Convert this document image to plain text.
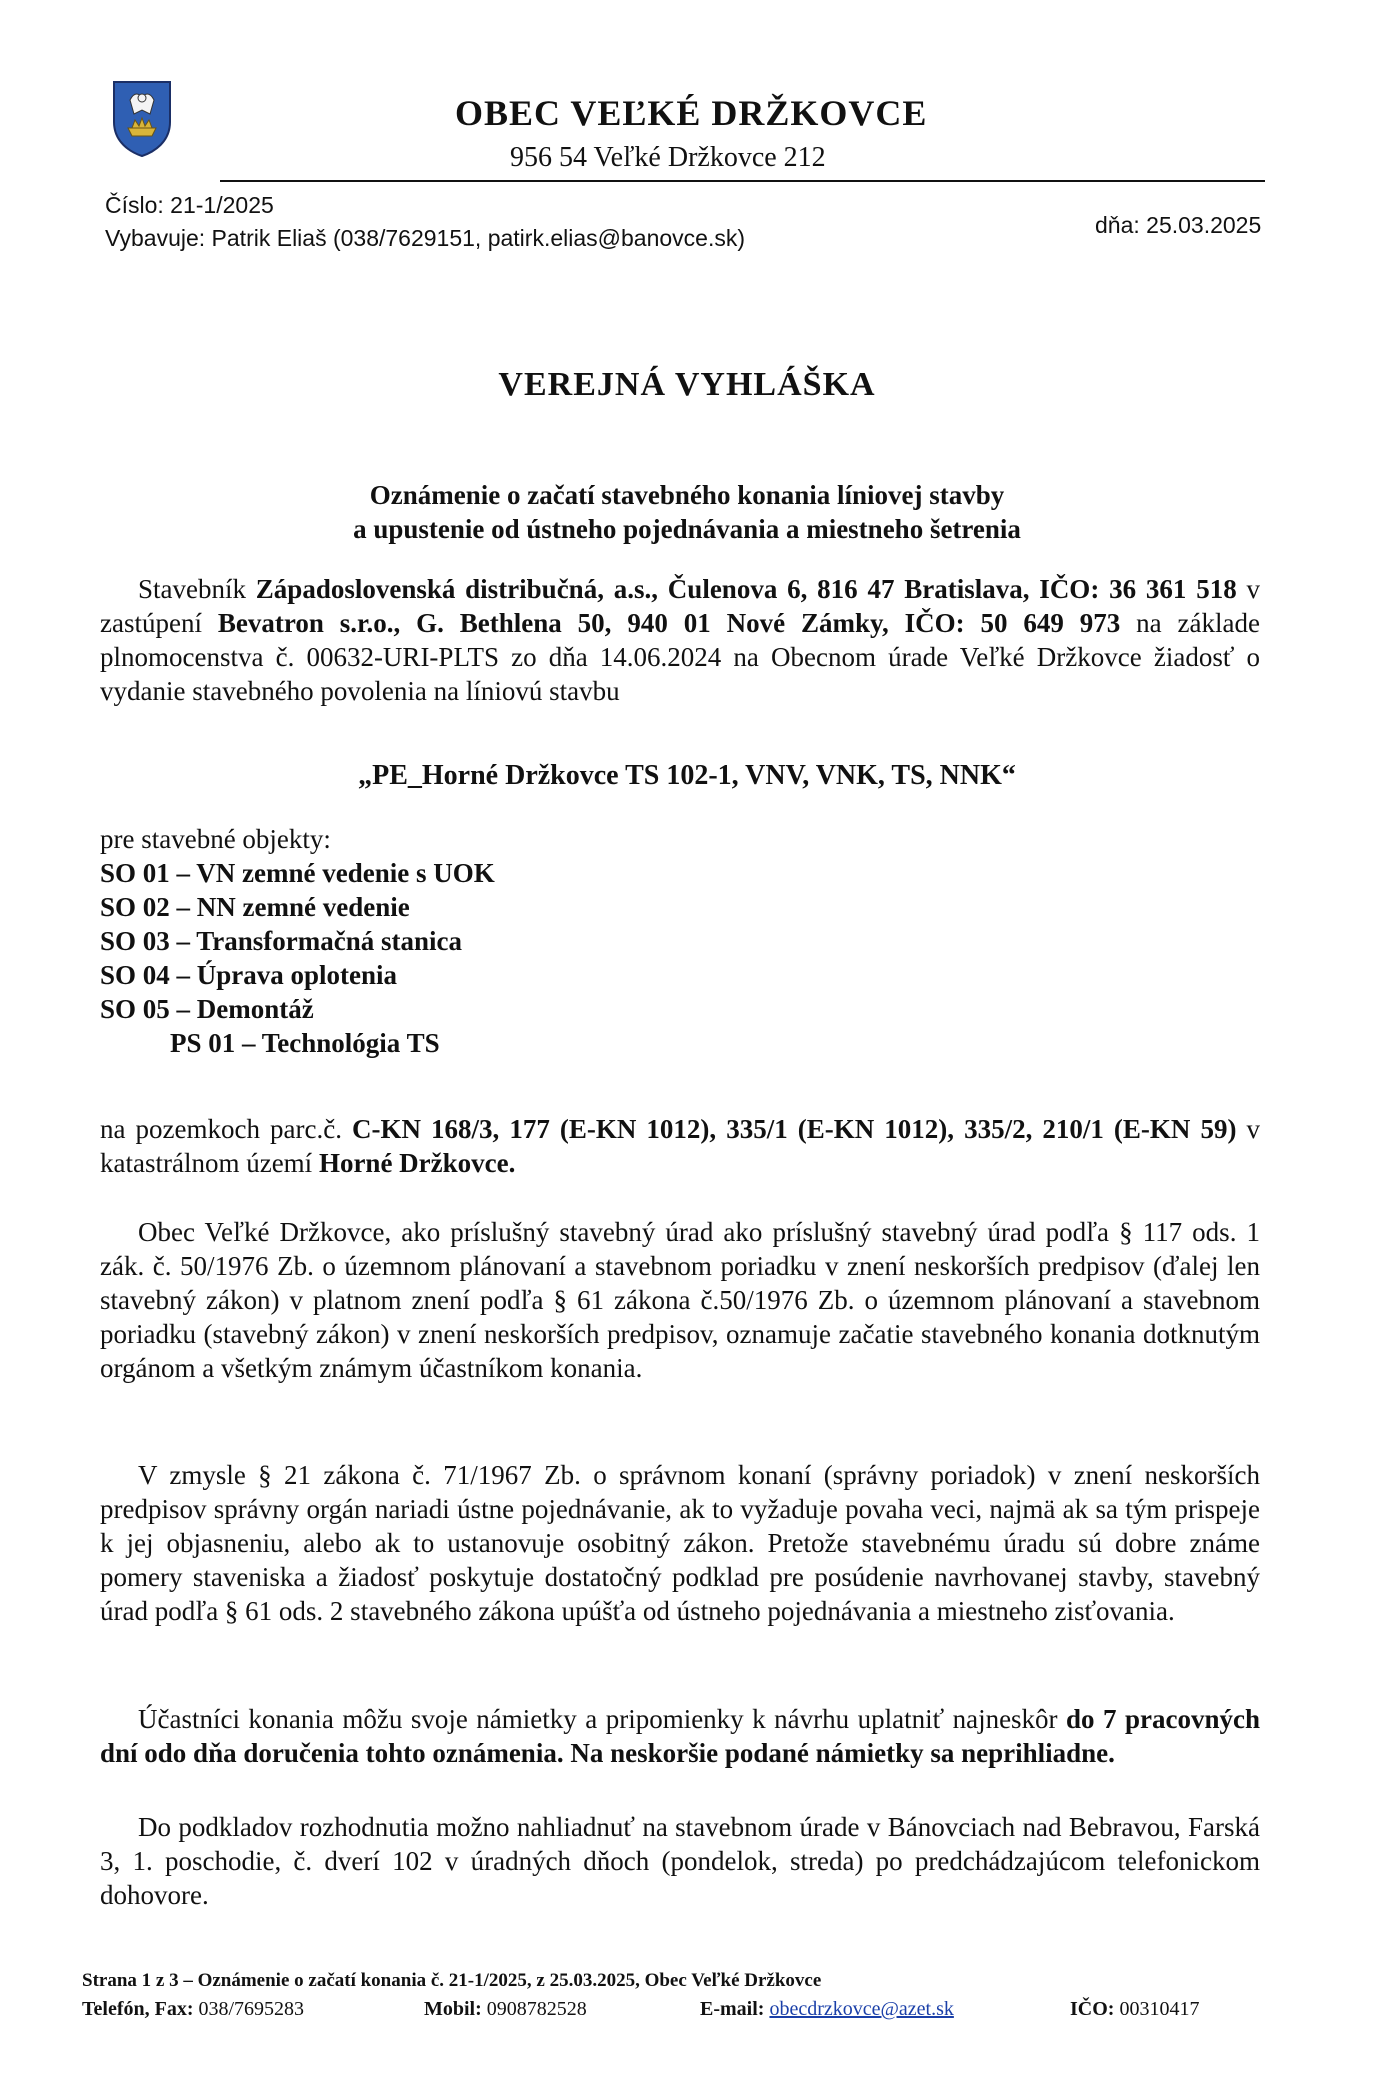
OBEC VEĽKÉ DRŽKOVCE
956 54 Veľké Držkovce 212
Číslo: 21-1/2025
Vybavuje: Patrik Eliaš (038/7629151, patirk.elias@banovce.sk)	dňa: 25.03.2025
VEREJNÁ VYHLÁŠKA
Oznámenie o začatí stavebného konania líniovej stavby
a upustenie od ústneho pojednávania a miestneho šetrenia
Stavebník Západoslovenská distribučná, a.s., Čulenova 6, 816 47 Bratislava, IČO: 36 361 518 v zastúpení Bevatron s.r.o., G. Bethlena 50, 940 01 Nové Zámky, IČO: 50 649 973 na základe plnomocenstva č. 00632-URI-PLTS zo dňa 14.06.2024 na Obecnom úrade Veľké Držkovce žiadosť o vydanie stavebného povolenia na líniovú stavbu
„PE_Horné Držkovce TS 102-1, VNV, VNK, TS, NNK“
pre stavebné objekty:
SO 01 – VN zemné vedenie s UOK
SO 02 – NN zemné vedenie
SO 03 – Transformačná stanica
SO 04 – Úprava oplotenia
SO 05 – Demontáž
PS 01 – Technológia TS
na pozemkoch parc.č. C-KN 168/3, 177 (E-KN 1012), 335/1 (E-KN 1012), 335/2, 210/1 (E-KN 59) v katastrálnom území Horné Držkovce.
Obec Veľké Držkovce, ako príslušný stavebný úrad ako príslušný stavebný úrad podľa § 117 ods. 1 zák. č. 50/1976 Zb. o územnom plánovaní a stavebnom poriadku v znení neskorších predpisov (ďalej len stavebný zákon) v platnom znení podľa § 61 zákona č.50/1976 Zb. o územnom plánovaní a stavebnom poriadku (stavebný zákon) v znení neskorších predpisov, oznamuje začatie stavebného konania dotknutým orgánom a všetkým známym účastníkom konania.
V zmysle § 21 zákona č. 71/1967 Zb. o správnom konaní (správny poriadok) v znení neskorších predpisov správny orgán nariadi ústne pojednávanie, ak to vyžaduje povaha veci, najmä ak sa tým prispeje k jej objasneniu, alebo ak to ustanovuje osobitný zákon. Pretože stavebnému úradu sú dobre známe pomery staveniska a žiadosť poskytuje dostatočný podklad pre posúdenie navrhovanej stavby, stavebný úrad podľa § 61 ods. 2 stavebného zákona upúšťa od ústneho pojednávania a miestneho zisťovania.
Účastníci konania môžu svoje námietky a pripomienky k návrhu uplatniť najneskôr do 7 pracovných dní odo dňa doručenia tohto oznámenia. Na neskoršie podané námietky sa neprihliadne.
Do podkladov rozhodnutia možno nahliadnuť na stavebnom úrade v Bánovciach nad Bebravou, Farská 3, 1. poschodie, č. dverí 102 v úradných dňoch (pondelok, streda) po predchádzajúcom telefonickom dohovore.
Strana 1 z 3 – Oznámenie o začatí konania č. 21-1/2025, z 25.03.2025, Obec Veľké Držkovce
Telefón, Fax: 038/7695283	Mobil: 0908782528	E-mail: obecdrzkovce@azet.sk	IČO: 00310417
